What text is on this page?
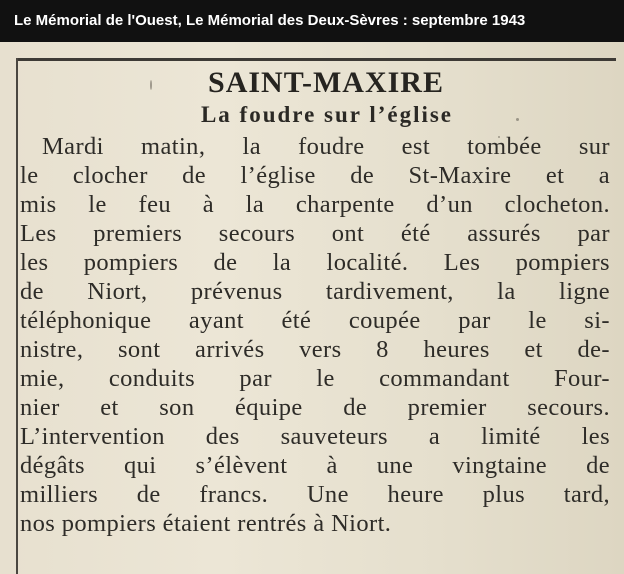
Le Mémorial de l'Ouest, Le Mémorial des Deux-Sèvres : septembre 1943
SAINT-MAXIRE
La foudre sur l’église
Mardi matin, la foudre est tombée sur
le clocher de l’église de St-Maxire et a
mis le feu à la charpente d’un clocheton.
Les premiers secours ont été assurés par
les pompiers de la localité. Les pompiers
de Niort, prévenus tardivement, la ligne
téléphonique ayant été coupée par le si-
nistre, sont arrivés vers 8 heures et de-
mie, conduits par le commandant Four-
nier et son équipe de premier secours.
L’intervention des sauveteurs a limité les
dégâts qui s’élèvent à une vingtaine de
milliers de francs. Une heure plus tard,
nos pompiers étaient rentrés à Niort.
